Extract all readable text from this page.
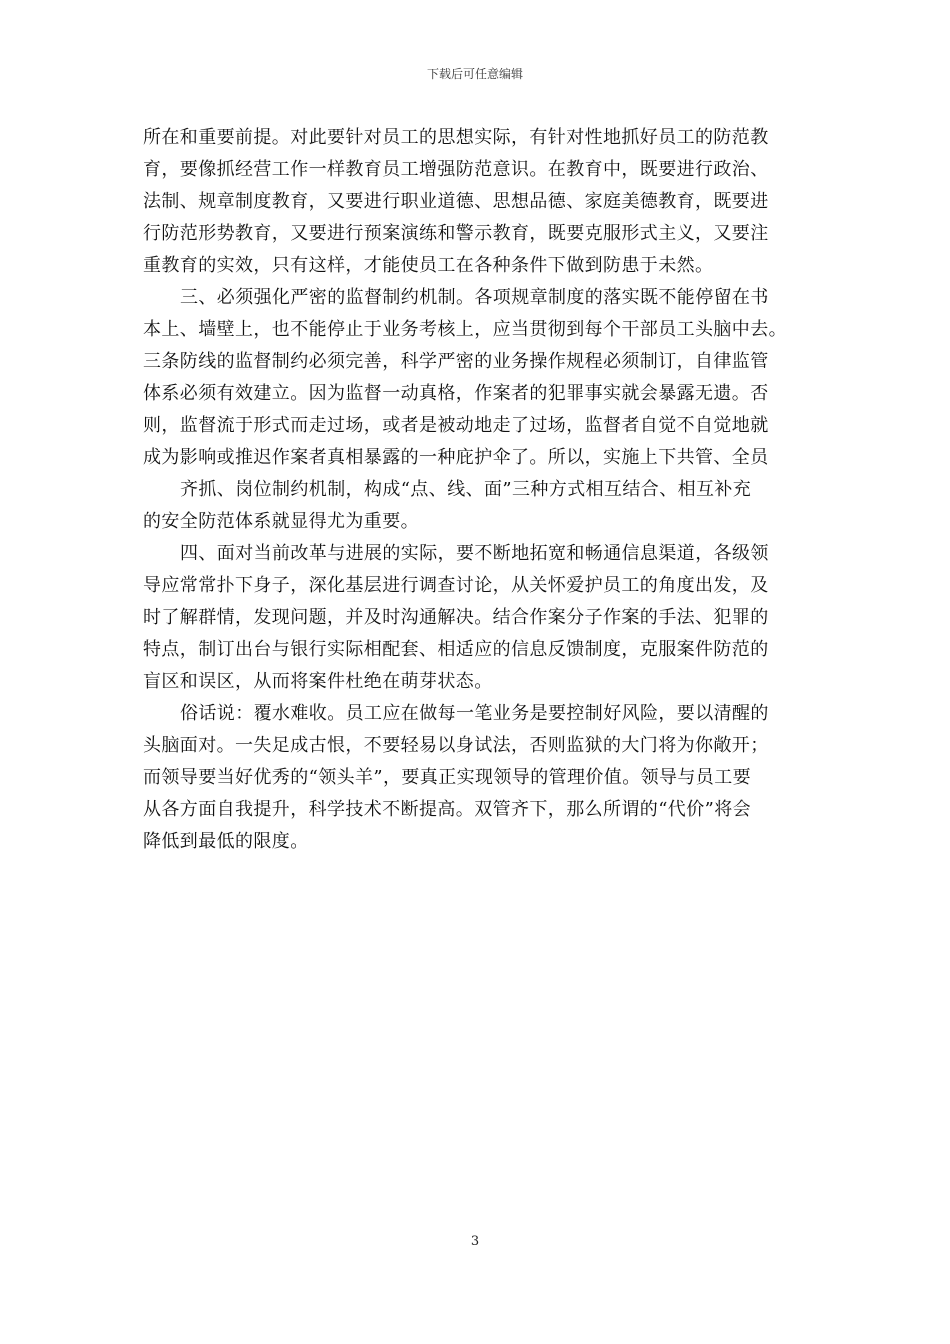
下载后可任意编辑
所在和重要前提。对此要针对员工的思想实际，有针对性地抓好员工的防范教
育，要像抓经营工作一样教育员工增强防范意识。在教育中，既要进行政治、
法制、规章制度教育，又要进行职业道德、思想品德、家庭美德教育，既要进
行防范形势教育，又要进行预案演练和警示教育，既要克服形式主义，又要注
重教育的实效，只有这样，才能使员工在各种条件下做到防患于未然。
三、必须强化严密的监督制约机制。各项规章制度的落实既不能停留在书
本上、墙壁上，也不能停止于业务考核上，应当贯彻到每个干部员工头脑中去。
三条防线的监督制约必须完善，科学严密的业务操作规程必须制订，自律监管
体系必须有效建立。因为监督一动真格，作案者的犯罪事实就会暴露无遗。否
则，监督流于形式而走过场，或者是被动地走了过场，监督者自觉不自觉地就
成为影响或推迟作案者真相暴露的一种庇护伞了。所以，实施上下共管、全员
齐抓、岗位制约机制，构成“点、线、面”三种方式相互结合、相互补充
的安全防范体系就显得尤为重要。
四、面对当前改革与进展的实际，要不断地拓宽和畅通信息渠道，各级领
导应常常扑下身子，深化基层进行调查讨论，从关怀爱护员工的角度出发，及
时了解群情，发现问题，并及时沟通解决。结合作案分子作案的手法、犯罪的
特点，制订出台与银行实际相配套、相适应的信息反馈制度，克服案件防范的
盲区和误区，从而将案件杜绝在萌芽状态。
俗话说：覆水难收。员工应在做每一笔业务是要控制好风险，要以清醒的
头脑面对。一失足成古恨，不要轻易以身试法，否则监狱的大门将为你敞开；
而领导要当好优秀的“领头羊”，要真正实现领导的管理价值。领导与员工要
从各方面自我提升，科学技术不断提高。双管齐下，那么所谓的“代价”将会
降低到最低的限度。
3
